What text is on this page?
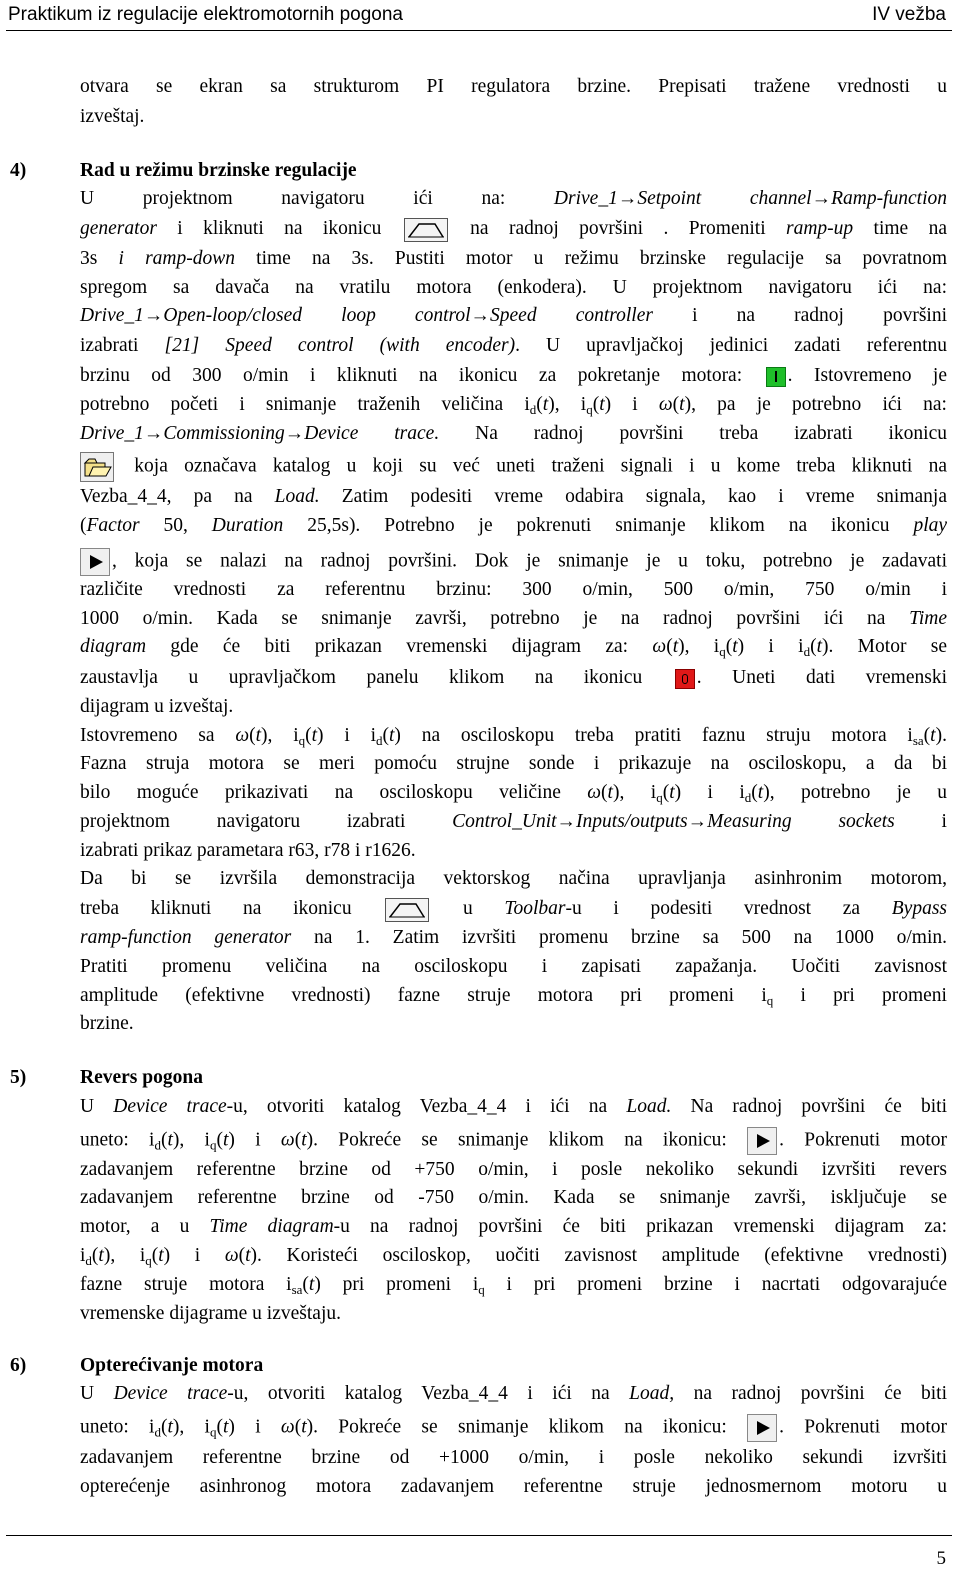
Praktikum iz regulacije elektromotornih pogona	IV vežba
otvara se ekran sa strukturom PI regulatora brzine. Prepisati tražene vrednosti u
izveštaj.
4)	Rad u režimu brzinske regulacije
U projektnom navigatoru ići na: Drive_1→Setpoint channel→Ramp-function
generator i kliknuti na ikonicu
na radnoj površini . Promeniti ramp-up time na
3s i ramp-down time na 3s. Pustiti motor u režimu brzinske regulacije sa povratnom
spregom sa davača na vratilu motora (enkodera). U projektnom navigatoru ići na:
Drive_1→Open-loop/closed loop control→Speed controller i na radnoj površini
izabrati [21] Speed control (with encoder). U upravljačkoj jedinici zadati referentnu
brzinu od 300 o/min i kliknuti na ikonicu za pokretanje motora:
. Istovremeno je
potrebno početi i snimanje traženih veličina $i_d(t)$, $i_q(t)$ i ω(t), pa je potrebno ići na:
Drive_1→Commissioning→Device trace. Na radnoj površini treba izabrati ikonicu
koja označava katalog u koji su već uneti traženi signali i u kome treba kliknuti na
Vezba_4_4, pa na Load. Zatim podesiti vreme odabira signala, kao i vreme snimanja
(Factor 50, Duration 25,5s). Potrebno je pokrenuti snimanje klikom na ikonicu play
, koja se nalazi na radnoj površini. Dok je snimanje je u toku, potrebno je zadavati
različite vrednosti za referentnu brzinu: 300 o/min, 500 o/min, 750 o/min i
1000 o/min. Kada se snimanje završi, potrebno je na radnoj površini ići na Time
diagram gde će biti prikazan vremenski dijagram za: ω(t), $i_q(t)$ i $i_d(t)$. Motor se
zaustavlja u upravljačkom panelu klikom na ikonicu
. Uneti dati vremenski
dijagram u izveštaj.
Istovremeno sa ω(t), $i_q(t)$ i $i_d(t)$ na osciloskopu treba pratiti faznu struju motora $i_{sa}(t)$.
Fazna struja motora se meri pomoću strujne sonde i prikazuje na osciloskopu, a da bi
bilo moguće prikazivati na osciloskopu veličine ω(t), $i_q(t)$ i $i_d(t)$, potrebno je u
projektnom navigatoru izabrati Control_Unit→Inputs/outputs→Measuring sockets i
izabrati prikaz parametara r63, r78 i r1626.
Da bi se izvršila demonstracija vektorskog načina upravljanja asinhronim motorom,
treba kliknuti na ikonicu
u Toolbar-u i podesiti vrednost za Bypass
ramp-function generator na 1. Zatim izvršiti promenu brzine sa 500 na 1000 o/min.
Pratiti promenu veličina na osciloskopu i zapisati zapažanja. Uočiti zavisnost
amplitude (efektivne vrednosti) fazne struje motora pri promeni $i_q$ i pri promeni
brzine.
5)	Revers pogona
U Device trace-u, otvoriti katalog Vezba_4_4 i ići na Load. Na radnoj površini će biti
uneto: $i_d(t)$, $i_q(t)$ i ω(t). Pokreće se snimanje klikom na ikonicu:
. Pokrenuti motor
zadavanjem referentne brzine od +750 o/min, i posle nekoliko sekundi izvršiti revers
zadavanjem referentne brzine od -750 o/min. Kada se snimanje završi, isključuje se
motor, a u Time diagram-u na radnoj površini će biti prikazan vremenski dijagram za:
$i_d(t)$, $i_q(t)$ i ω(t). Koristeći osciloskop, uočiti zavisnost amplitude (efektivne vrednosti)
fazne struje motora $i_{sa}(t)$ pri promeni $i_q$ i pri promeni brzine i nacrtati odgovarajuće
vremenske dijagrame u izveštaju.
6)	Opterećivanje motora
U Device trace-u, otvoriti katalog Vezba_4_4 i ići na Load, na radnoj površini će biti
uneto: $i_d(t)$, $i_q(t)$ i ω(t). Pokreće se snimanje klikom na ikonicu:
. Pokrenuti motor
zadavanjem referentne brzine od +1000 o/min, i posle nekoliko sekundi izvršiti
opterećenje asinhronog motora zadavanjem referentne struje jednosmernom motoru u
5
